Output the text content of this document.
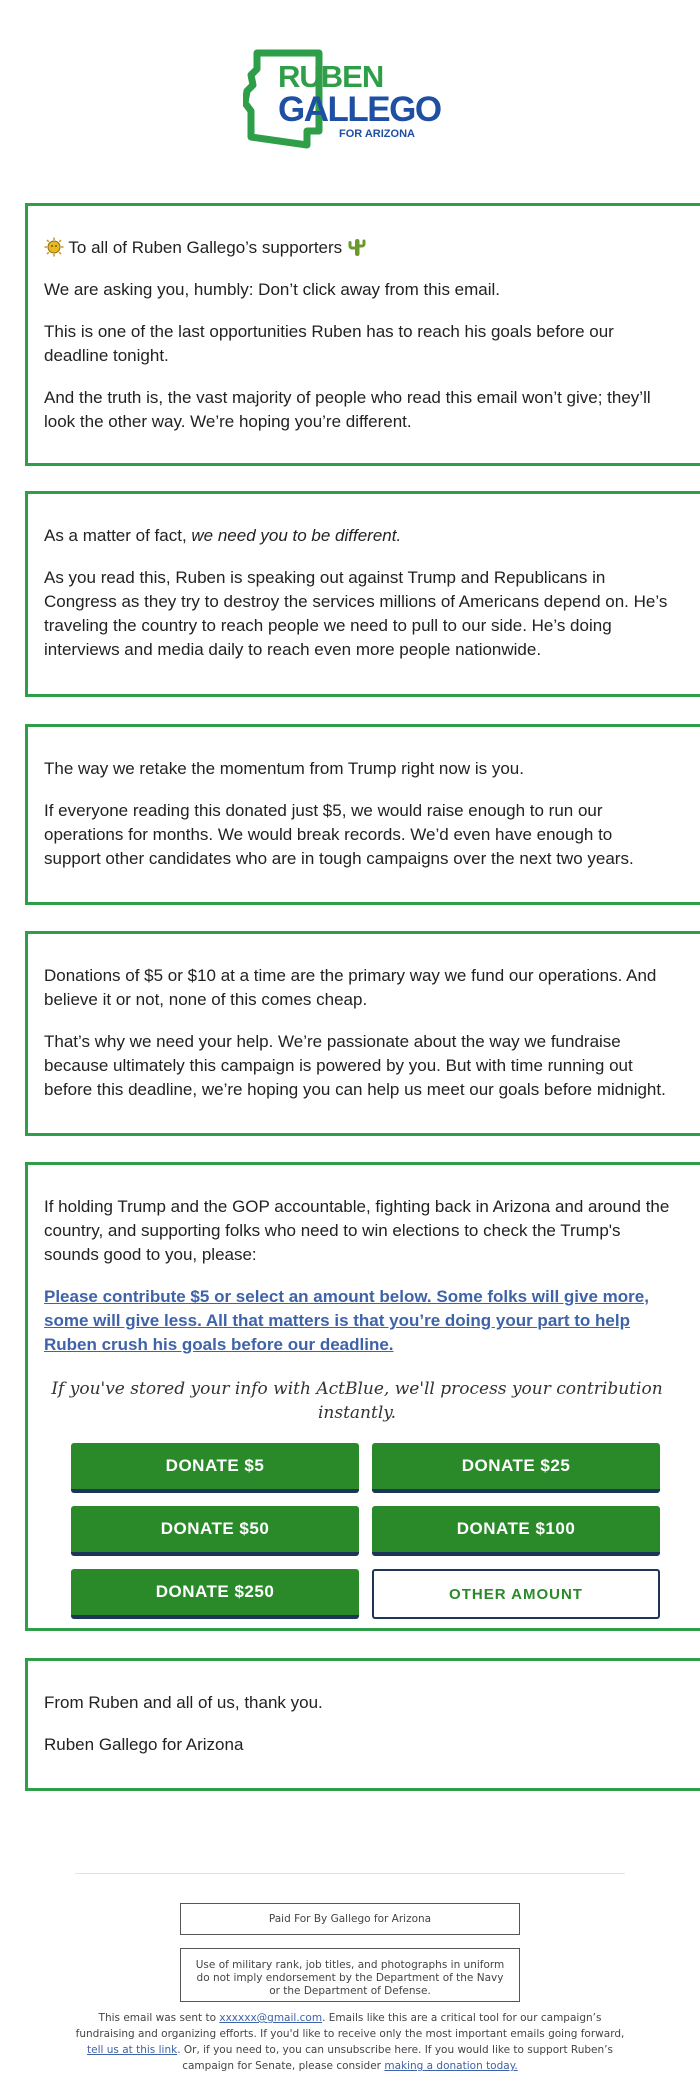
RUBEN
GALLEGO
FOR ARIZONA

To all of Ruben Gallego’s supporters

We are asking you, humbly: Don’t click away from this email.

This is one of the last opportunities Ruben has to reach his goals before our deadline tonight.

And the truth is, the vast majority of people who read this email won’t give; they’ll look the other way. We’re hoping you’re different.

As a matter of fact, we need you to be different.

As you read this, Ruben is speaking out against Trump and Republicans in Congress as they try to destroy the services millions of Americans depend on. He’s traveling the country to reach people we need to pull to our side. He’s doing interviews and media daily to reach even more people nationwide.

The way we retake the momentum from Trump right now is you.

If everyone reading this donated just $5, we would raise enough to run our operations for months. We would break records. We’d even have enough to support other candidates who are in tough campaigns over the next two years.

Donations of $5 or $10 at a time are the primary way we fund our operations. And believe it or not, none of this comes cheap.

That’s why we need your help. We’re passionate about the way we fundraise because ultimately this campaign is powered by you. But with time running out before this deadline, we’re hoping you can help us meet our goals before midnight.

If holding Trump and the GOP accountable, fighting back in Arizona and around the country, and supporting folks who need to win elections to check the Trump's sounds good to you, please:

Please contribute $5 or select an amount below. Some folks will give more, some will give less. All that matters is that you’re doing your part to help Ruben crush his goals before our deadline.

If you've stored your info with ActBlue, we'll process your contribution instantly.

DONATE $5	DONATE $25
DONATE $50	DONATE $100
DONATE $250	OTHER AMOUNT

From Ruben and all of us, thank you.

Ruben Gallego for Arizona

Paid For By Gallego for Arizona
Use of military rank, job titles, and photographs in uniform do not imply endorsement by the Department of the Navy or the Department of Defense.
This email was sent to xxxxxx@gmail.com. Emails like this are a critical tool for our campaign’s fundraising and organizing efforts. If you'd like to receive only the most important emails going forward, tell us at this link. Or, if you need to, you can unsubscribe here. If you would like to support Ruben’s campaign for Senate, please consider making a donation today.
